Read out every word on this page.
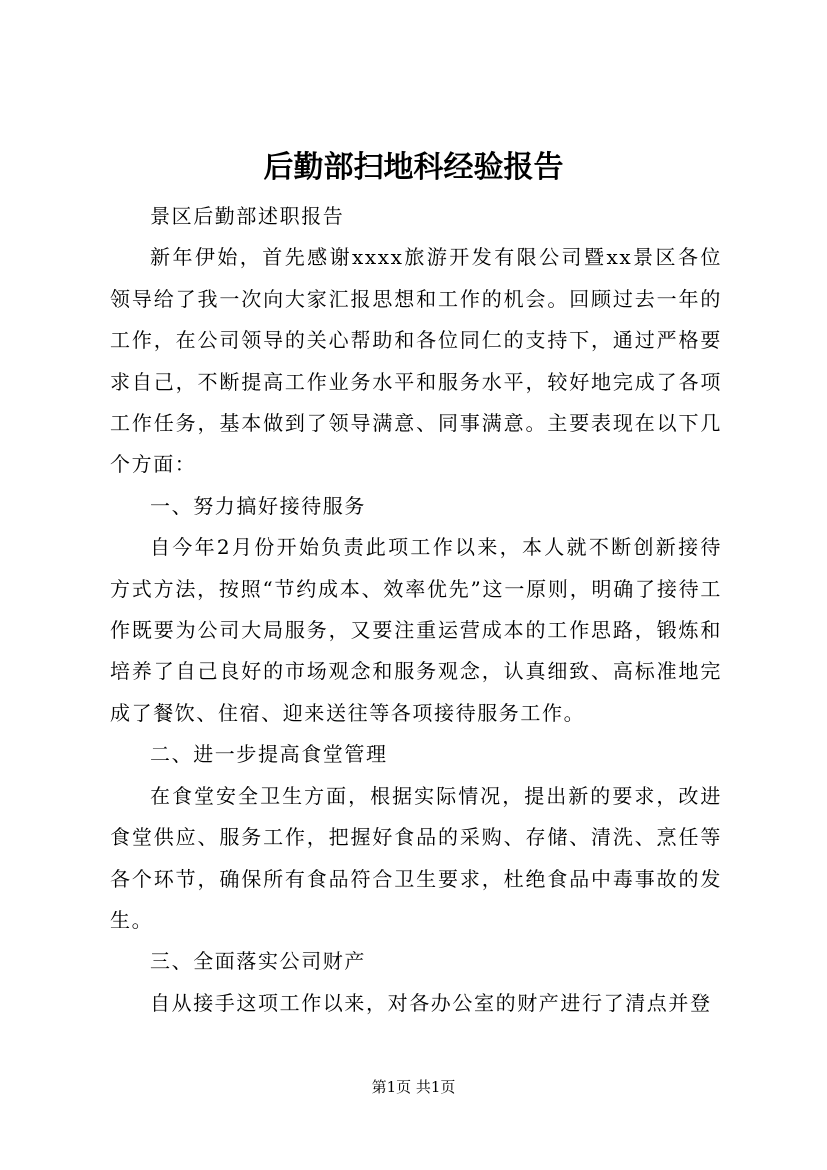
后勤部扫地科经验报告

景区后勤部述职报告

新年伊始，首先感谢xxxx旅游开发有限公司暨xx景区各位领导给了我一次向大家汇报思想和工作的机会。回顾过去一年的工作，在公司领导的关心帮助和各位同仁的支持下，通过严格要求自己，不断提高工作业务水平和服务水平，较好地完成了各项工作任务，基本做到了领导满意、同事满意。主要表现在以下几个方面：

一、努力搞好接待服务

自今年2月份开始负责此项工作以来，本人就不断创新接待方式方法，按照“节约成本、效率优先”这一原则，明确了接待工作既要为公司大局服务，又要注重运营成本的工作思路，锻炼和培养了自己良好的市场观念和服务观念，认真细致、高标准地完成了餐饮、住宿、迎来送往等各项接待服务工作。

二、进一步提高食堂管理

在食堂安全卫生方面，根据实际情况，提出新的要求，改进食堂供应、服务工作，把握好食品的采购、存储、清洗、烹任等各个环节，确保所有食品符合卫生要求，杜绝食品中毒事故的发生。

三、全面落实公司财产

自从接手这项工作以来，对各办公室的财产进行了清点并登

第1页 共1页
